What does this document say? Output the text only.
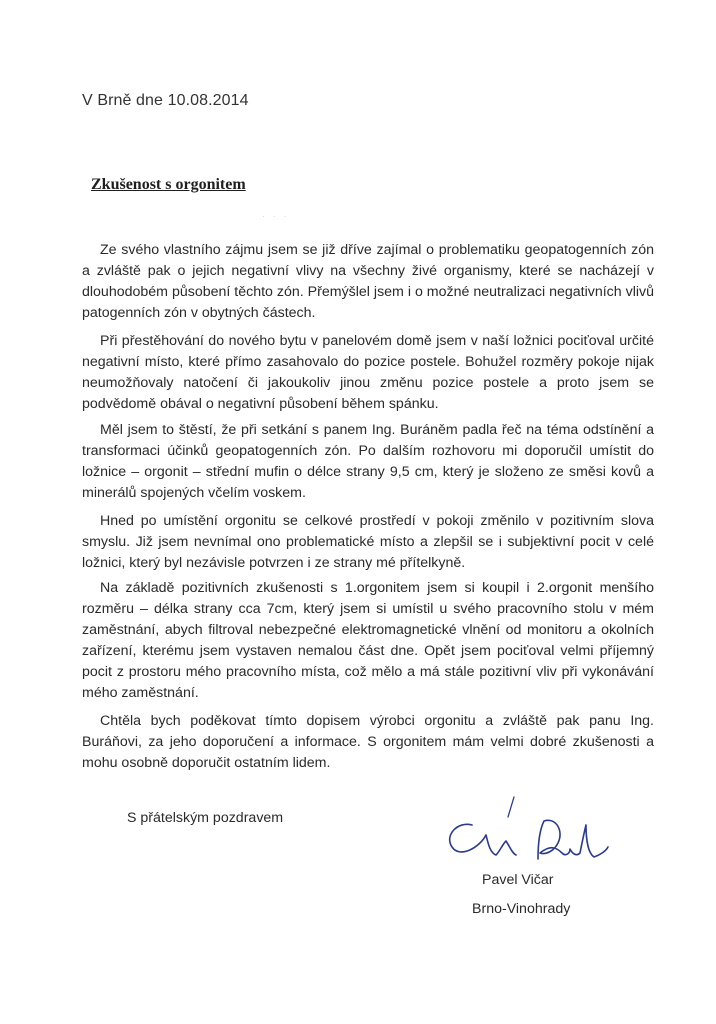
V Brně dne 10.08.2014
Zkušenost s orgonitem
· · ·
Ze svého vlastního zájmu jsem se již dříve zajímal o problematiku geopatogenních zón a zvláště pak o jejich negativní vlivy na všechny živé organismy, které se nacházejí v dlouhodobém působení těchto zón. Přemýšlel jsem i o možné neutralizaci negativních vlivů patogenních zón v obytných částech.
Při přestěhování do nového bytu v panelovém domě jsem v naší ložnici pociťoval určité negativní místo, které přímo zasahovalo do pozice postele. Bohužel rozměry pokoje nijak neumožňovaly natočení či jakoukoliv jinou změnu pozice postele a proto jsem se podvědomě obával o negativní působení během spánku.
Měl jsem to štěstí, že při setkání s panem Ing. Buráněm padla řeč na téma odstínění a transformaci účinků geopatogenních zón. Po dalším rozhovoru mi doporučil umístit do ložnice – orgonit – střední mufin o délce strany 9,5 cm, který je složeno ze směsi kovů a minerálů spojených včelím voskem.
Hned po umístění orgonitu se celkové prostředí v pokoji změnilo v pozitivním slova smyslu. Již jsem nevnímal ono problematické místo a zlepšil se i subjektivní pocit v celé ložnici, který byl nezávisle potvrzen i ze strany mé přítelkyně.
Na základě pozitivních zkušenosti s 1.orgonitem jsem si koupil i 2.orgonit menšího rozměru – délka strany cca 7cm, který jsem si umístil u svého pracovního stolu v mém zaměstnání, abych filtroval nebezpečné elektromagnetické vlnění od monitoru a okolních zařízení, kterému jsem vystaven nemalou část dne. Opět jsem pociťoval velmi příjemný pocit z prostoru mého pracovního místa, což mělo a má stále pozitivní vliv při vykonávání mého zaměstnání.
Chtěla bych poděkovat tímto dopisem výrobci orgonitu a zvláště pak panu Ing. Buráňovi, za jeho doporučení a informace. S orgonitem mám velmi dobré zkušenosti a mohu osobně doporučit ostatním lidem.
S přátelským pozdravem
Pavel Vičar
Brno-Vinohrady
